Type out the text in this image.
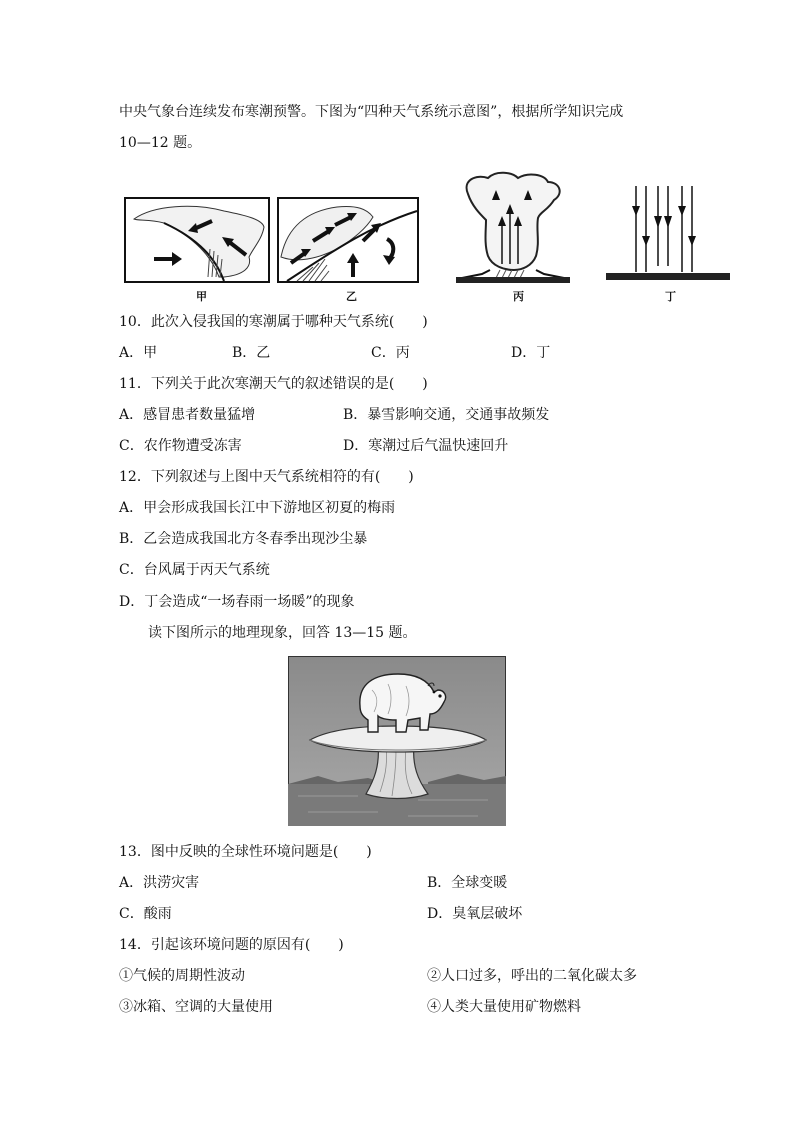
中央气象台连续发布寒潮预警。下图为“四种天气系统示意图”，根据所学知识完成
10—12 题。
甲	乙	丙	丁
10．此次入侵我国的寒潮属于哪种天气系统(　　)
A．甲	B．乙	C．丙	D．丁
11．下列关于此次寒潮天气的叙述错误的是(　　)
A．感冒患者数量猛增	B．暴雪影响交通，交通事故频发
C．农作物遭受冻害	D．寒潮过后气温快速回升
12．下列叙述与上图中天气系统相符的有(　　)
A．甲会形成我国长江中下游地区初夏的梅雨
B．乙会造成我国北方冬春季出现沙尘暴
C．台风属于丙天气系统
D．丁会造成“一场春雨一场暖”的现象
读下图所示的地理现象，回答 13—15 题。
13．图中反映的全球性环境问题是(　　)
A．洪涝灾害	B．全球变暖
C．酸雨	D．臭氧层破坏
14．引起该环境问题的原因有(　　)
①气候的周期性波动	②人口过多，呼出的二氧化碳太多
③冰箱、空调的大量使用	④人类大量使用矿物燃料
